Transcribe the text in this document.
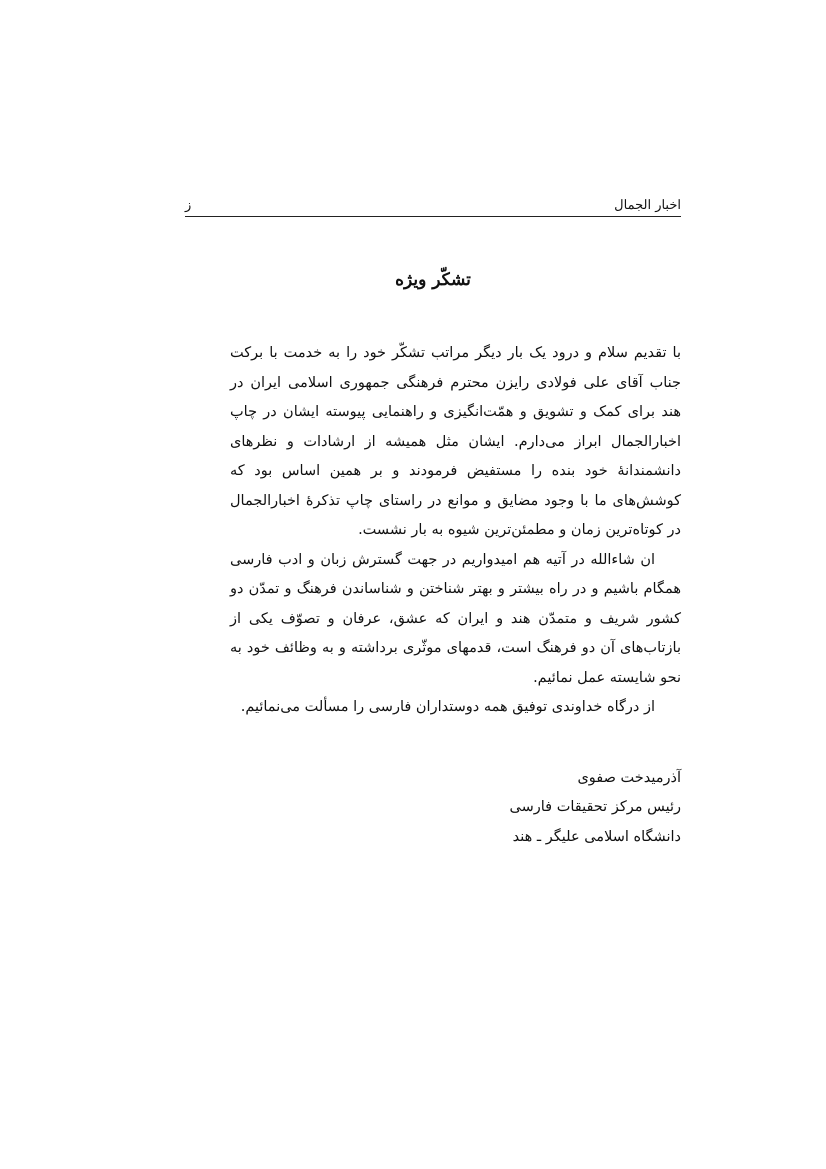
اخبار الجمال
ز
تشکّر ویژه

با تقدیم سلام و درود یک بار دیگر مراتب تشکّر خود را به خدمت با برکت جناب آقای علی فولادی رایزن محترم فرهنگی جمهوری اسلامی ایران در هند برای کمک و تشویق و همّت‌انگیزی و راهنمایی پیوسته ایشان در چاپ اخبارالجمال ابراز می‌دارم. ایشان مثل همیشه از ارشادات و نظرهای دانشمندانهٔ خود بنده را مستفیض فرمودند و بر همین اساس بود که کوشش‌های ما با وجود مضایق و موانع در راستای چاپ تذکرهٔ اخبارالجمال در کوتاه‌ترین زمان و مطمئن‌ترین شیوه به بار نشست.

ان شاءالله در آتیه هم امیدواریم در جهت گسترش زبان و ادب فارسی همگام باشیم و در راه بیشتر و بهتر شناختن و شناساندن فرهنگ و تمدّن دو کشور شریف و متمدّن هند و ایران که عشق، عرفان و تصوّف یکی از بازتاب‌های آن دو فرهنگ است، قدمهای موثّری برداشته و به وظائف خود به نحو شایسته عمل نمائیم.

از درگاه خداوندی توفیق همه دوستداران فارسی را مسألت می‌نمائیم.

آذرمیدخت صفوی
رئیس مرکز تحقیقات فارسی
دانشگاه اسلامی علیگر ـ هند
